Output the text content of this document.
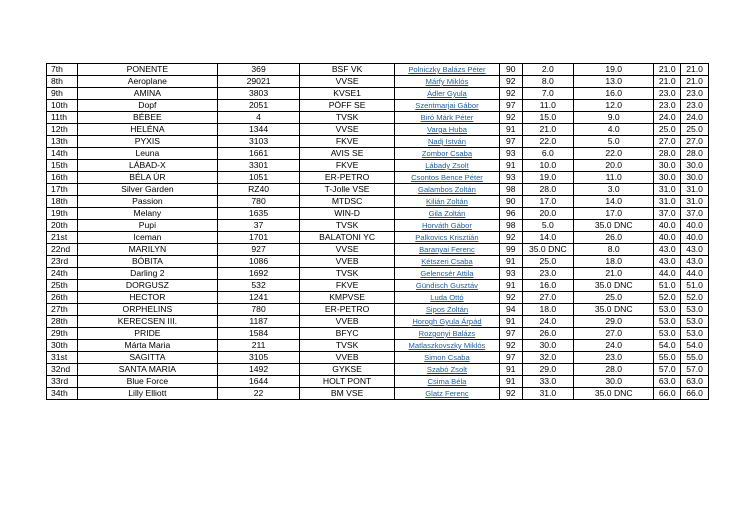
7th	PONENTE	369	BSF VK	Polniczky Balázs Péter	90	2.0	19.0	21.0	21.0
8th	Aeroplane	29021	VVSE	Márfy Miklós	92	8.0	13.0	21.0	21.0
9th	AMINA	3803	KVSE1	Ádler Gyula	92	7.0	16.0	23.0	23.0
10th	Dopf	2051	PÖFF SE	Szentmarjai Gábor	97	11.0	12.0	23.0	23.0
11th	BÉBEE	4	TVSK	Biró Márk Péter	92	15.0	9.0	24.0	24.0
12th	HELÉNA	1344	VVSE	Varga Huba	91	21.0	4.0	25.0	25.0
13th	PYXIS	3103	FKVE	Nadj István	97	22.0	5.0	27.0	27.0
14th	Leuna	1661	AVIS SE	Zombor Csaba	93	6.0	22.0	28.0	28.0
15th	LÁBAD-X	3301	FKVE	Lábady Zsolt	91	10.0	20.0	30.0	30.0
16th	BÉLA ÚR	1051	ER-PETRO	Csontos Bence Péter	93	19.0	11.0	30.0	30.0
17th	Silver Garden	RZ40	T-Jolle VSE	Galambos Zoltán	98	28.0	3.0	31.0	31.0
18th	Passion	780	MTDSC	Kilián Zoltán	90	17.0	14.0	31.0	31.0
19th	Melany	1635	WIN-D	Gila Zoltán	96	20.0	17.0	37.0	37.0
20th	Pupi	37	TVSK	Horváth Gábor	98	5.0	35.0 DNC	40.0	40.0
21st	Iceman	1701	BALATONI YC	Palkovics Krisztián	92	14.0	26.0	40.0	40.0
22nd	MARILYN	927	VVSE	Baranyai Ferenc	99	35.0 DNC	8.0	43.0	43.0
23rd	BÓBITA	1086	VVEB	Kétszeri Csaba	91	25.0	18.0	43.0	43.0
24th	Darling 2	1692	TVSK	Gelencsér Attila	93	23.0	21.0	44.0	44.0
25th	DORGUSZ	532	FKVE	Gündisch Gusztáv	91	16.0	35.0 DNC	51.0	51.0
26th	HECTOR	1241	KMPVSE	Luda Ottó	92	27.0	25.0	52.0	52.0
27th	ORPHELINS	780	ER-PETRO	Sipos Zoltán	94	18.0	35.0 DNC	53.0	53.0
28th	KERECSEN III.	1187	VVEB	Horogh Gyula Árpád	91	24.0	29.0	53.0	53.0
29th	PRIDE	1584	BFYC	Rozgonyi Balázs	97	26.0	27.0	53.0	53.0
30th	Márta Maria	211	TVSK	Matlaszkovszky Miklós	92	30.0	24.0	54.0	54.0
31st	SAGITTA	3105	VVEB	Simon Csaba	97	32.0	23.0	55.0	55.0
32nd	SANTA MARIA	1492	GYKSE	Szabó Zsolt	91	29.0	28.0	57.0	57.0
33rd	Blue Force	1644	HOLT PONT	Csima Béla	91	33.0	30.0	63.0	63.0
34th	Lilly Elliott	22	BM VSE	Glatz Ferenc	92	31.0	35.0 DNC	66.0	66.0
